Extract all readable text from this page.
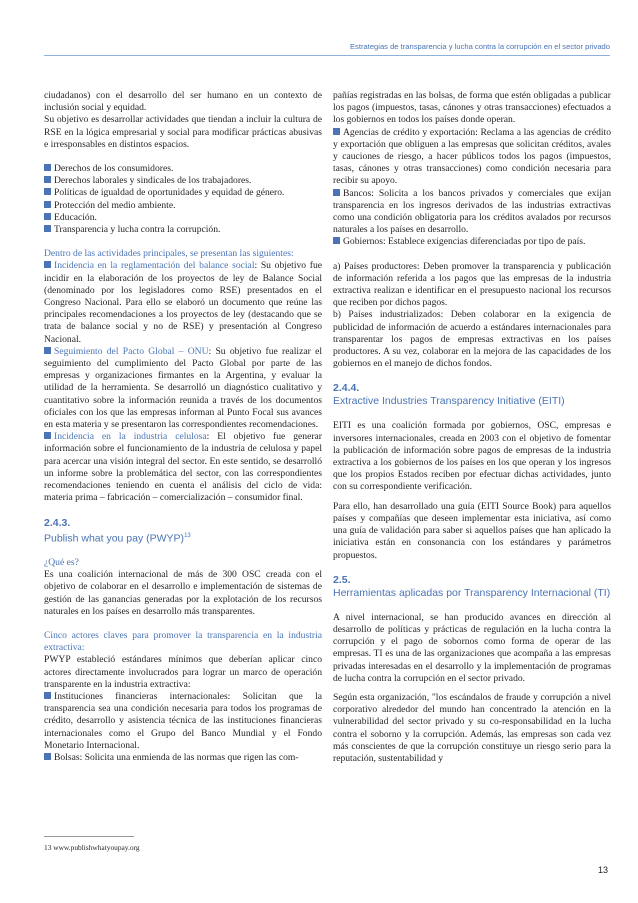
Estrategias de transparencia y lucha contra la corrupción en el sector privado

ciudadanos) con el desarrollo del ser humano en un contexto de inclusión social y equidad.

Su objetivo es desarrollar actividades que tiendan a incluir la cultura de RSE en la lógica empresarial y social para modificar prácticas abusivas e irresponsables en distintos espacios.

Derechos de los consumidores.

Derechos laborales y sindicales de los trabajadores.

Políticas de igualdad de oportunidades y equidad de género.

Protección del medio ambiente.

Educación.

Transparencia y lucha contra la corrupción.

Dentro de las actividades principales, se presentan las siguientes:

Incidencia en la reglamentación del balance social: Su objetivo fue incidir en la elaboración de los proyectos de ley de Balance Social (denominado por los legisladores como RSE) presentados en el Congreso Nacional. Para ello se elaboró un documento que reúne las principales recomendaciones a los proyectos de ley (destacando que se trata de balance social y no de RSE) y presentación al Congreso Nacional.

Seguimiento del Pacto Global – ONU: Su objetivo fue realizar el seguimiento del cumplimiento del Pacto Global por parte de las empresas y organizaciones firmantes en la Argentina, y evaluar la utilidad de la herramienta. Se desarrolló un diagnóstico cualitativo y cuantitativo sobre la información reunida a través de los documentos oficiales con los que las empresas informan al Punto Focal sus avances en esta materia y se presentaron las correspondientes recomendaciones.

Incidencia en la industria celulosa: El objetivo fue generar información sobre el funcionamiento de la industria de celulosa y papel para acercar una visión integral del sector. En este sentido, se desarrolló un informe sobre la problemática del sector, con las correspondientes recomendaciones teniendo en cuenta el análisis del ciclo de vida: materia prima – fabricación – comercialización – consumidor final.

2.4.3.

Publish what you pay (PWYP)$^{13}$

¿Qué es?

Es una coalición internacional de más de 300 OSC creada con el objetivo de colaborar en el desarrollo e implementación de sistemas de gestión de las ganancias generadas por la explotación de los recursos naturales en los países en desarrollo más transparentes.

Cinco actores claves para promover la transparencia en la industria extractiva:

PWYP estableció estándares mínimos que deberían aplicar cinco actores directamente involucrados para lograr un marco de operación transparente en la industria extractiva:

Instituciones financieras internacionales: Solicitan que la transparencia sea una condición necesaria para todos los programas de crédito, desarrollo y asistencia técnica de las instituciones financieras internacionales como el Grupo del Banco Mundial y el Fondo Monetario Internacional.

Bolsas: Solicita una enmienda de las normas que rigen las com-

pañías registradas en las bolsas, de forma que estén obligadas a publicar los pagos (impuestos, tasas, cánones y otras transacciones) efectuados a los gobiernos en todos los países donde operan.

Agencias de crédito y exportación: Reclama a las agencias de crédito y exportación que obliguen a las empresas que solicitan créditos, avales y cauciones de riesgo, a hacer públicos todos los pagos (impuestos, tasas, cánones y otras transacciones) como condición necesaria para recibir su apoyo.

Bancos: Solicita a los bancos privados y comerciales que exijan transparencia en los ingresos derivados de las industrias extractivas como una condición obligatoria para los créditos avalados por recursos naturales a los países en desarrollo.

Gobiernos: Establece exigencias diferenciadas por tipo de país.

a) Países productores: Deben promover la transparencia y publicación de información referida a los pagos que las empresas de la industria extractiva realizan e identificar en el presupuesto nacional los recursos que reciben por dichos pagos.

b) Países industrializados: Deben colaborar en la exigencia de publicidad de información de acuerdo a estándares internacionales para transparentar los pagos de empresas extractivas en los países productores. A su vez, colaborar en la mejora de las capacidades de los gobiernos en el manejo de dichos fondos.

2.4.4.

Extractive Industries Transparency Initiative (EITI)

EITI es una coalición formada por gobiernos, OSC, empresas e inversores internacionales, creada en 2003 con el objetivo de fomentar la publicación de información sobre pagos de empresas de la industria extractiva a los gobiernos de los países en los que operan y los ingresos que los propios Estados reciben por efectuar dichas actividades, junto con su correspondiente verificación.

Para ello, han desarrollado una guía (EITI Source Book) para aquellos países y compañías que deseen implementar esta iniciativa, así como una guía de validación para saber si aquellos países que han aplicado la iniciativa están en consonancia con los estándares y parámetros propuestos.

2.5.

Herramientas aplicadas por Transparency Internacional (TI)

A nivel internacional, se han producido avances en dirección al desarrollo de políticas y prácticas de regulación en la lucha contra la corrupción y el pago de sobornos como forma de operar de las empresas. TI es una de las organizaciones que acompaña a las empresas privadas interesadas en el desarrollo y la implementación de programas de lucha contra la corrupción en el sector privado.

Según esta organización, "los escándalos de fraude y corrupción a nivel corporativo alrededor del mundo han concentrado la atención en la vulnerabilidad del sector privado y su co-responsabilidad en la lucha contra el soborno y la corrupción. Además, las empresas son cada vez más conscientes de que la corrupción constituye un riesgo serio para la reputación, sustentabilidad y

13 www.publishwhatyoupay.org
13
